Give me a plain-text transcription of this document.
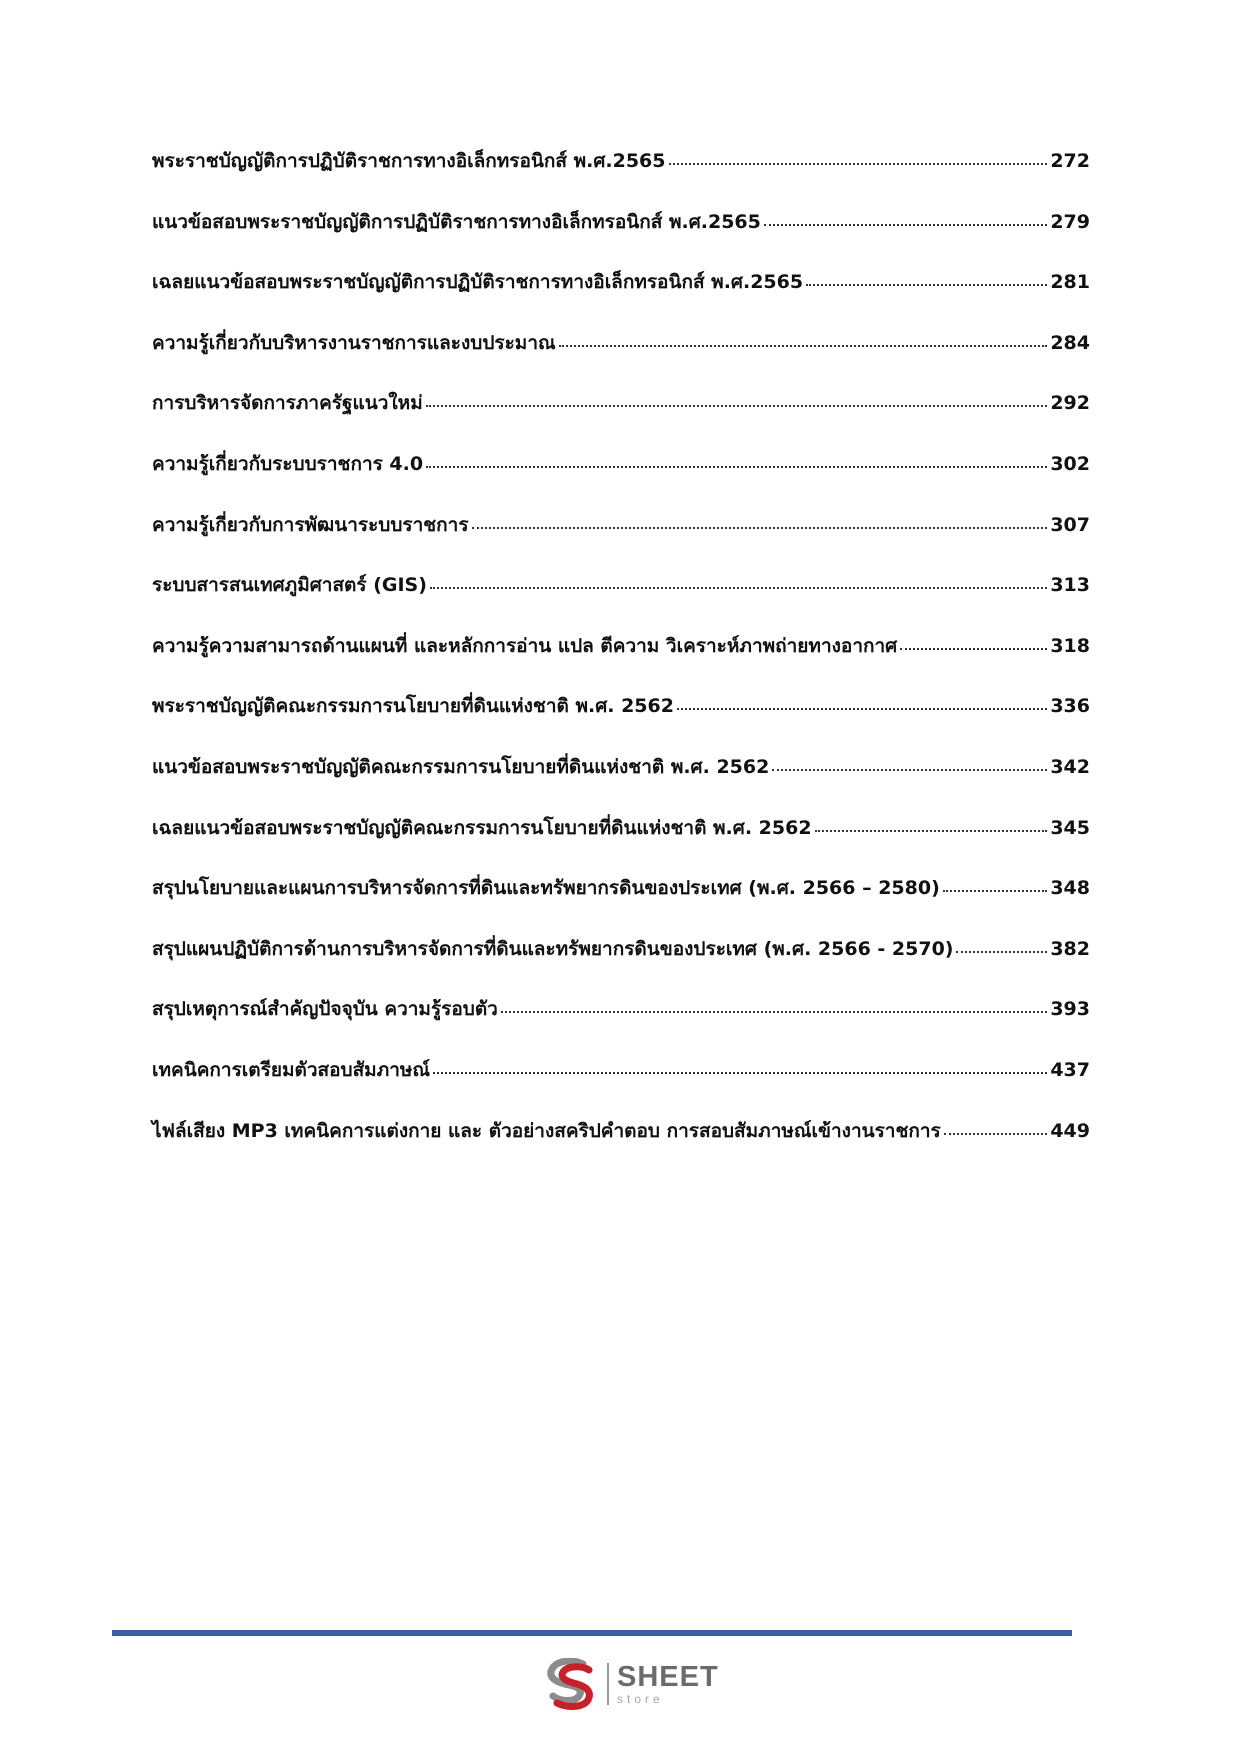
พระราชบัญญัติการปฏิบัติราชการทางอิเล็กทรอนิกส์ พ.ศ.2565	272
แนวข้อสอบพระราชบัญญัติการปฏิบัติราชการทางอิเล็กทรอนิกส์ พ.ศ.2565	279
เฉลยแนวข้อสอบพระราชบัญญัติการปฏิบัติราชการทางอิเล็กทรอนิกส์ พ.ศ.2565	281
ความรู้เกี่ยวกับบริหารงานราชการและงบประมาณ	284
การบริหารจัดการภาครัฐแนวใหม่	292
ความรู้เกี่ยวกับระบบราชการ 4.0	302
ความรู้เกี่ยวกับการพัฒนาระบบราชการ	307
ระบบสารสนเทศภูมิศาสตร์ (GIS)	313
ความรู้ความสามารถด้านแผนที่ และหลักการอ่าน แปล ตีความ วิเคราะห์ภาพถ่ายทางอากาศ	318
พระราชบัญญัติคณะกรรมการนโยบายที่ดินแห่งชาติ พ.ศ. 2562	336
แนวข้อสอบพระราชบัญญัติคณะกรรมการนโยบายที่ดินแห่งชาติ พ.ศ. 2562	342
เฉลยแนวข้อสอบพระราชบัญญัติคณะกรรมการนโยบายที่ดินแห่งชาติ พ.ศ. 2562	345
สรุปนโยบายและแผนการบริหารจัดการที่ดินและทรัพยากรดินของประเทศ (พ.ศ. 2566 – 2580)	348
สรุปแผนปฏิบัติการด้านการบริหารจัดการที่ดินและทรัพยากรดินของประเทศ (พ.ศ. 2566 - 2570)	382
สรุปเหตุการณ์สำคัญปัจจุบัน ความรู้รอบตัว	393
เทคนิคการเตรียมตัวสอบสัมภาษณ์	437
ไฟล์เสียง MP3 เทคนิคการแต่งกาย และ ตัวอย่างสคริปคำตอบ การสอบสัมภาษณ์เข้างานราชการ	449
SHEET
store
